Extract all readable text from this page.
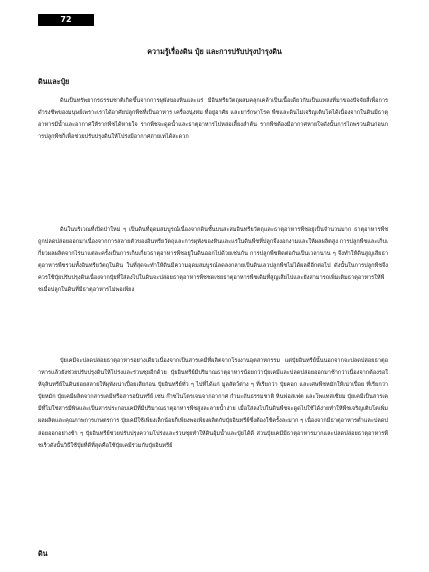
72
ความรู้เรื่องดิน ปุ๋ย และการปรับปรุงบำรุงดิน
ดินและปุ๋ย

ดินเป็นทรัพยากรธรรมชาติเกิดขึ้นจากการผุพังของหินและแร่ มีอินทรียวัตถุผสมคลุกเคล้าเป็นเนื้อเดียวกันเป็นแหล่งที่มาของปัจจัยสี่เพื่อการดำรงชีพของมนุษย์เพราะเราได้อาศัยปลูกพืชที่เป็นอาหาร เครื่องนุ่งห่ม ที่อยู่อาศัย และยารักษาโรค พืชและดินไม่เจริญเติบโตได้เนื่องจากในดินมีธาตุอาหารมีน้ำและอากาศให้รากพืชได้หายใจ รากพืชจะดูดน้ำและธาตุอาหารไปหล่อเลี้ยงลำต้น รากพืชต้องมีอากาศหายใจดังนั้นการไถพรวนดินก่อนการปลูกพืชก็เพื่อช่วยปรับปรุงดินให้โปร่งมีอากาศถ่ายเทได้สะดวก

ดินในบริเวณที่เปิดป่าใหม่ ๆ เป็นดินที่อุดมสมบูรณ์เนื่องจากดินชั้นบนสะสมอินทรียวัตถุและธาตุอาหารพืชอยู่เป็นจำนวนมาก ธาตุอาหารพืชถูกปลดปล่อยออกมาเนื่องจากการสลายตัวของอินทรียวัตถุและการผุพังของหินและแร่ในดินพืชที่ปลูกจึงงอกงามและให้ผลผลิตสูง การปลูกพืชและเก็บเกี่ยวผลผลิตจากไร่นาแต่ละครั้งเป็นการเก็บเกี่ยวธาตุอาหารพืชอยู่ในดินออกไปด้วยเช่นกัน การปลูกพืชติดต่อกันเป็นเวลานาน ๆ จึงทำให้ดินสูญเสียธาตุอาหารพืชรวมทั้งอินทรียวัตถุในดิน ในที่สุดจะทำให้ดินมีความอุดมสมบูรณ์ลดลงกลายเป็นดินเลวปลูกพืชไม่ได้ผลดีอีกต่อไป ดังนั้นในการปลูกพืชจึงควรใช้ปุ๋ยปรับปรุงดินเนื่องจากปุ๋ยที่ใส่ลงไปในดินจะปล่อยธาตุอาหารพืชชดเชยธาตุอาหารพืชเดิมที่สูญเสียไปและยังสามารถเพิ่มเติมธาตุอาหารให้พืชเมื่อปลูกในดินที่มีธาตุอาหารไม่พอเพียง

ปุ๋ยเคมีจะปลดปล่อยธาตุอาหารอย่างเดียวเนื่องจากเป็นสารเคมีที่ผลิตจากโรงงานอุตสาหกรรม แต่ปุ๋ยอินทรีย์นั้นนอกจากจะปลดปล่อยธาตุอาหารแล้วยังช่วยปรับปรุงดินให้โปร่งและร่วนซุยอีกด้วย ปุ๋ยอินทรีย์มีปริมาณธาตุอาหารน้อยกว่าปุ๋ยเคมีและปลดปล่อยออกมาช้ากว่าเนื่องจากต้องรอให้จุลินทรีย์ในดินย่อยสลายให้ผุพังเน่าเปื่อยเสียก่อน ปุ๋ยอินทรีย์ทั่ว ๆ ไปที่ได้แก่ มูลสัตว์ต่าง ๆ ที่เรียกว่า ปุ๋ยคอก และเศษพืชหมักให้เน่าเปื่อย ที่เรียกว่า ปุ๋ยหมัก ปุ๋ยเคมีผลิตจากสารเคมีหรือสารอนินทรีย์ เช่น ก๊าซไนโตรเจนจากอากาศ กำมะถันธรรมชาติ หินฟอสเฟต และโพแทสเซียม ปุ๋ยเคมีเป็นสารเคมีที่ไม่ใช่สารมีพิษและเป็นสารประกอบเคมีที่มีปริมาณธาตุอาหารพืชสูงละลายน้ำง่าย เมื่อใส่ลงไปในดินพืชจะดูดไปใช้ได้ง่ายทำให้พืชเจริญเติบโตเพิ่มผลผลิตและคุณภาพการเกษตรการ ปุ๋ยเคมีใช้เพียงเล็กน้อยก็เพียงพอเพียงผลิตกับปุ๋ยอินทรีย์ซึ่งต้องใช้ครั้งละมาก ๆ เนื่องจากมีธาตุอาหารต่ำและปลดปล่อยออกอย่างช้า ๆ ปุ๋ยอินทรีย์ช่วยปรับปรุงความโปร่งและร่วนซุยทำให้ดินอุ้มน้ำและปุ๋ยได้ดี ส่วนปุ๋ยเคมีมีธาตุอาหารมากและปลดปล่อยธาตุอาหารพืชเร็วดังนั้นวิธีใช้ปุ๋ยที่ดีที่สุดคือใช้ปุ๋ยเคมีร่วมกับปุ๋ยอินทรีย์

ดิน
